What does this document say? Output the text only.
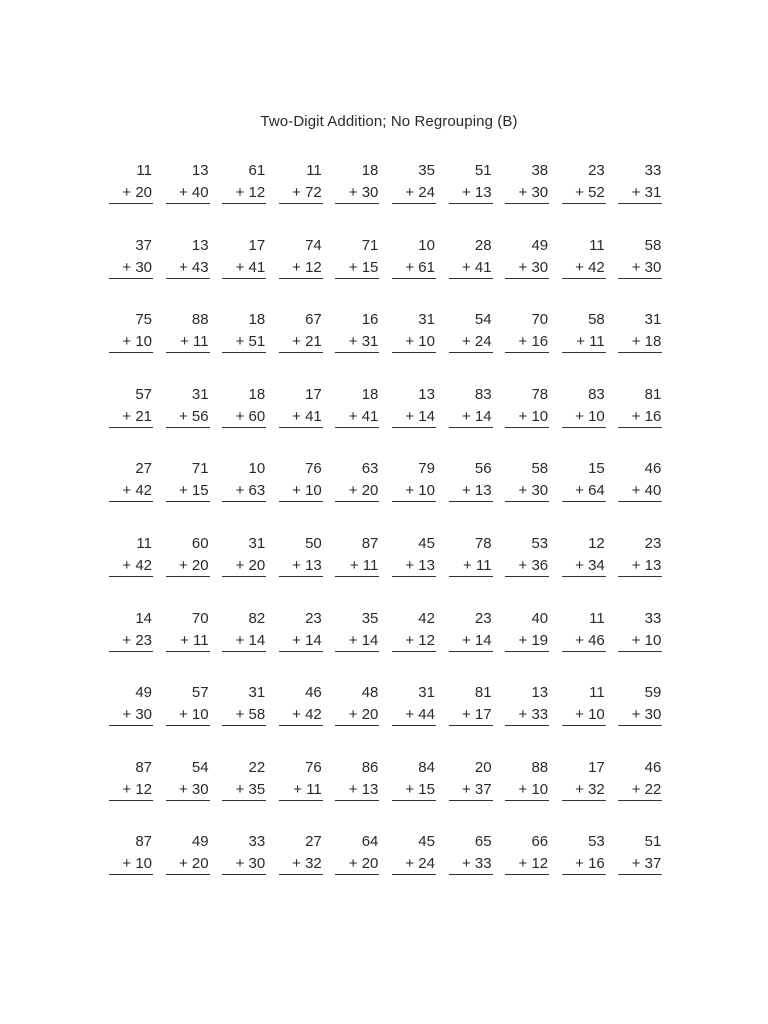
Two-Digit Addition; No Regrouping (B)
11
+ 20
13
+ 40
61
+ 12
11
+ 72
18
+ 30
35
+ 24
51
+ 13
38
+ 30
23
+ 52
33
+ 31
37
+ 30
13
+ 43
17
+ 41
74
+ 12
71
+ 15
10
+ 61
28
+ 41
49
+ 30
11
+ 42
58
+ 30
75
+ 10
88
+ 11
18
+ 51
67
+ 21
16
+ 31
31
+ 10
54
+ 24
70
+ 16
58
+ 11
31
+ 18
57
+ 21
31
+ 56
18
+ 60
17
+ 41
18
+ 41
13
+ 14
83
+ 14
78
+ 10
83
+ 10
81
+ 16
27
+ 42
71
+ 15
10
+ 63
76
+ 10
63
+ 20
79
+ 10
56
+ 13
58
+ 30
15
+ 64
46
+ 40
11
+ 42
60
+ 20
31
+ 20
50
+ 13
87
+ 11
45
+ 13
78
+ 11
53
+ 36
12
+ 34
23
+ 13
14
+ 23
70
+ 11
82
+ 14
23
+ 14
35
+ 14
42
+ 12
23
+ 14
40
+ 19
11
+ 46
33
+ 10
49
+ 30
57
+ 10
31
+ 58
46
+ 42
48
+ 20
31
+ 44
81
+ 17
13
+ 33
11
+ 10
59
+ 30
87
+ 12
54
+ 30
22
+ 35
76
+ 11
86
+ 13
84
+ 15
20
+ 37
88
+ 10
17
+ 32
46
+ 22
87
+ 10
49
+ 20
33
+ 30
27
+ 32
64
+ 20
45
+ 24
65
+ 33
66
+ 12
53
+ 16
51
+ 37
